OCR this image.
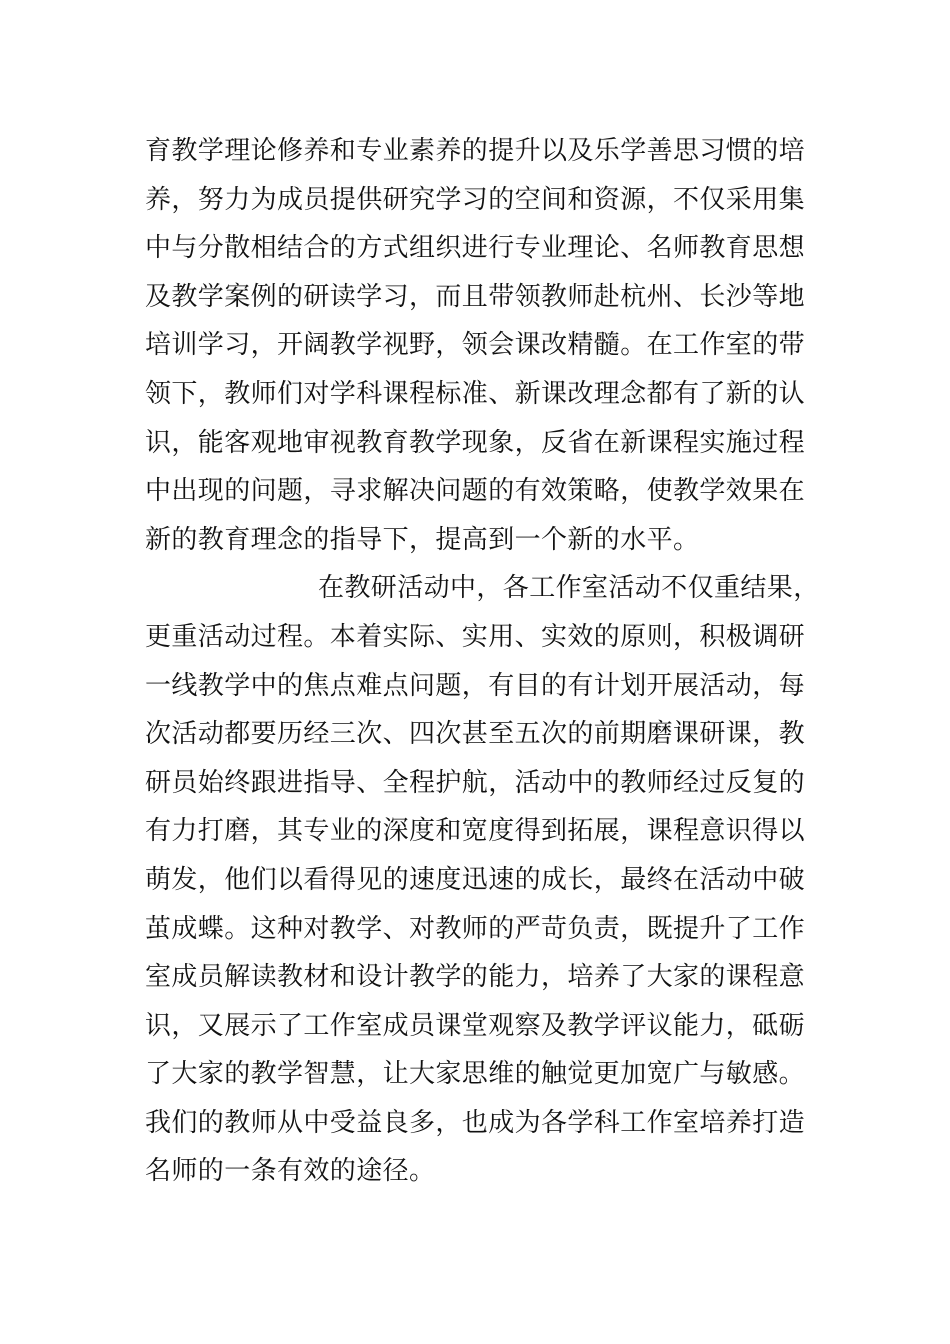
育教学理论修养和专业素养的提升以及乐学善思习惯的培
养，努力为成员提供研究学习的空间和资源，不仅采用集
中与分散相结合的方式组织进行专业理论、名师教育思想
及教学案例的研读学习，而且带领教师赴杭州、长沙等地
培训学习，开阔教学视野，领会课改精髓。在工作室的带
领下，教师们对学科课程标准、新课改理念都有了新的认
识，能客观地审视教育教学现象，反省在新课程实施过程
中出现的问题，寻求解决问题的有效策略，使教学效果在
新的教育理念的指导下，提高到一个新的水平。
在教研活动中，各工作室活动不仅重结果，
更重活动过程。本着实际、实用、实效的原则，积极调研
一线教学中的焦点难点问题，有目的有计划开展活动，每
次活动都要历经三次、四次甚至五次的前期磨课研课，教
研员始终跟进指导、全程护航，活动中的教师经过反复的
有力打磨，其专业的深度和宽度得到拓展，课程意识得以
萌发，他们以看得见的速度迅速的成长，最终在活动中破
茧成蝶。这种对教学、对教师的严苛负责，既提升了工作
室成员解读教材和设计教学的能力，培养了大家的课程意
识，又展示了工作室成员课堂观察及教学评议能力，砥砺
了大家的教学智慧，让大家思维的触觉更加宽广与敏感。
我们的教师从中受益良多，也成为各学科工作室培养打造
名师的一条有效的途径。
